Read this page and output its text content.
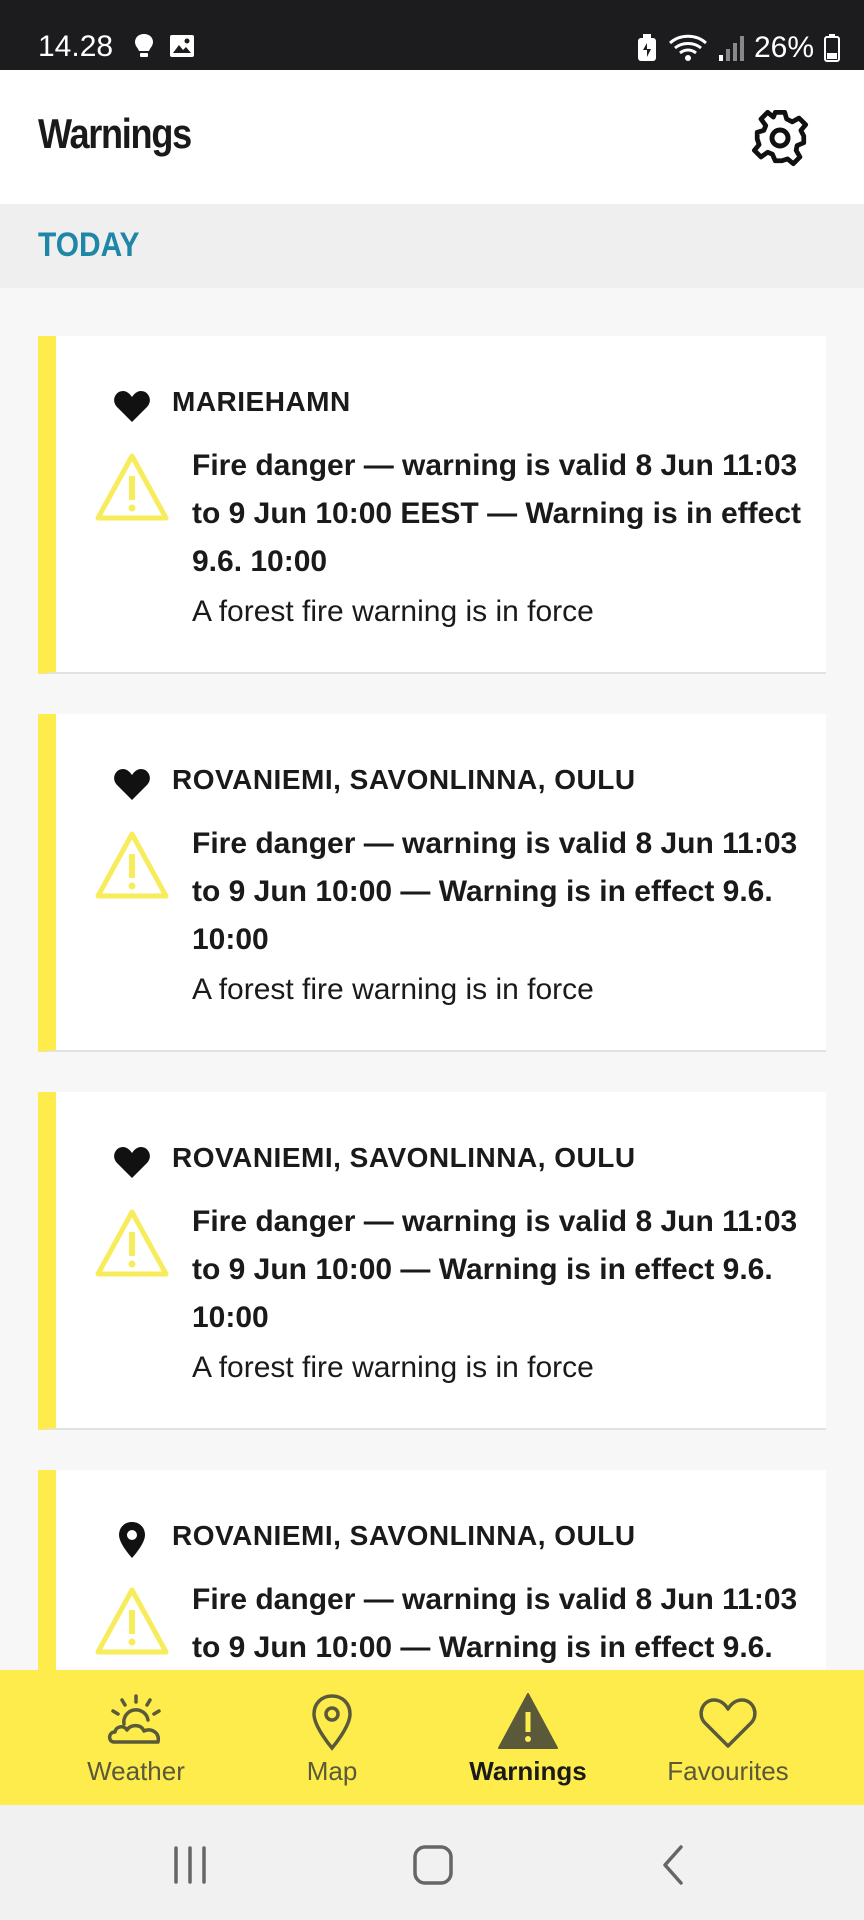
14.28	26%
Warnings
TODAY
MARIEHAMN
Fire danger — warning is valid 8 Jun 11:03 to 9 Jun 10:00 EEST — Warning is in effect 9.6. 10:00
A forest fire warning is in force
ROVANIEMI, SAVONLINNA, OULU
Fire danger — warning is valid 8 Jun 11:03 to 9 Jun 10:00 — Warning is in effect 9.6. 10:00
A forest fire warning is in force
ROVANIEMI, SAVONLINNA, OULU
Fire danger — warning is valid 8 Jun 11:03 to 9 Jun 10:00 — Warning is in effect 9.6. 10:00
A forest fire warning is in force
ROVANIEMI, SAVONLINNA, OULU
Fire danger — warning is valid 8 Jun 11:03 to 9 Jun 10:00 — Warning is in effect 9.6.
Weather	Map	Warnings	Favourites
